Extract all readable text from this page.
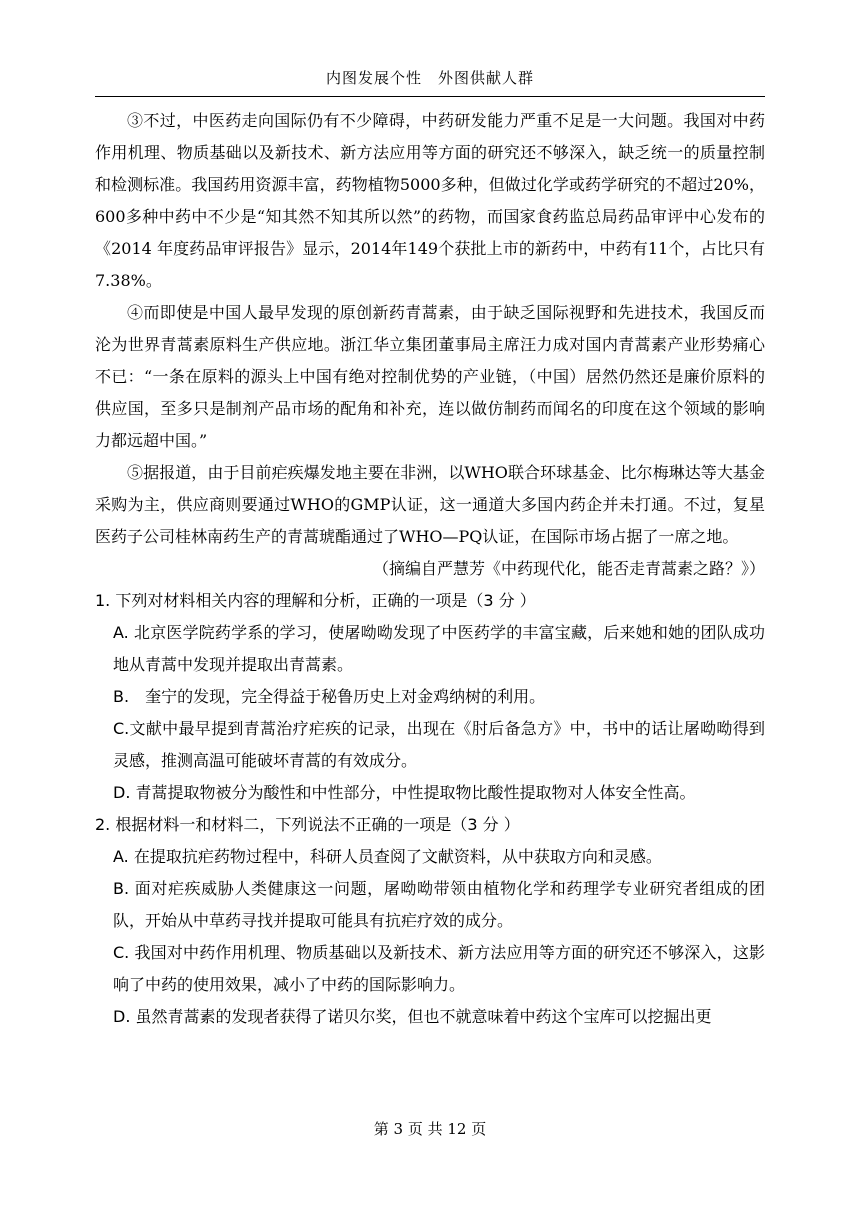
内图发展个性　外图供献人群

③不过，中医药走向国际仍有不少障碍，中药研发能力严重不足是一大问题。我国对中药作用机理、物质基础以及新技术、新方法应用等方面的研究还不够深入，缺乏统一的质量控制和检测标准。我国药用资源丰富，药物植物5000多种，但做过化学或药学研究的不超过20%，600多种中药中不少是“知其然不知其所以然”的药物，而国家食药监总局药品审评中心发布的《2014 年度药品审评报告》显示，2014年149个获批上市的新药中，中药有11个，占比只有7.38%。

④而即使是中国人最早发现的原创新药青蒿素，由于缺乏国际视野和先进技术，我国反而沦为世界青蒿素原料生产供应地。浙江华立集团董事局主席汪力成对国内青蒿素产业形势痛心不已：“一条在原料的源头上中国有绝对控制优势的产业链，（中国）居然仍然还是廉价原料的供应国，至多只是制剂产品市场的配角和补充，连以做仿制药而闻名的印度在这个领域的影响力都远超中国。”

⑤据报道，由于目前疟疾爆发地主要在非洲，以WHO联合环球基金、比尔梅琳达等大基金采购为主，供应商则要通过WHO的GMP认证，这一通道大多国内药企并未打通。不过，复星医药子公司桂林南药生产的青蒿琥酯通过了WHO—PQ认证，在国际市场占据了一席之地。

（摘编自严慧芳《中药现代化，能否走青蒿素之路？》）

1. 下列对材料相关内容的理解和分析，正确的一项是（3 分 ）

A. 北京医学院药学系的学习，使屠呦呦发现了中医药学的丰富宝藏，后来她和她的团队成功地从青蒿中发现并提取出青蒿素。

B.　奎宁的发现，完全得益于秘鲁历史上对金鸡纳树的利用。

C.文献中最早提到青蒿治疗疟疾的记录，出现在《肘后备急方》中，书中的话让屠呦呦得到灵感，推测高温可能破坏青蒿的有效成分。

D. 青蒿提取物被分为酸性和中性部分，中性提取物比酸性提取物对人体安全性高。

2. 根据材料一和材料二，下列说法不正确的一项是（3 分 ）

A. 在提取抗疟药物过程中，科研人员查阅了文献资料，从中获取方向和灵感。

B. 面对疟疾威胁人类健康这一问题，屠呦呦带领由植物化学和药理学专业研究者组成的团队，开始从中草药寻找并提取可能具有抗疟疗效的成分。

C. 我国对中药作用机理、物质基础以及新技术、新方法应用等方面的研究还不够深入，这影响了中药的使用效果，减小了中药的国际影响力。

D. 虽然青蒿素的发现者获得了诺贝尔奖，但也不就意味着中药这个宝库可以挖掘出更

第 3 页 共 12 页
